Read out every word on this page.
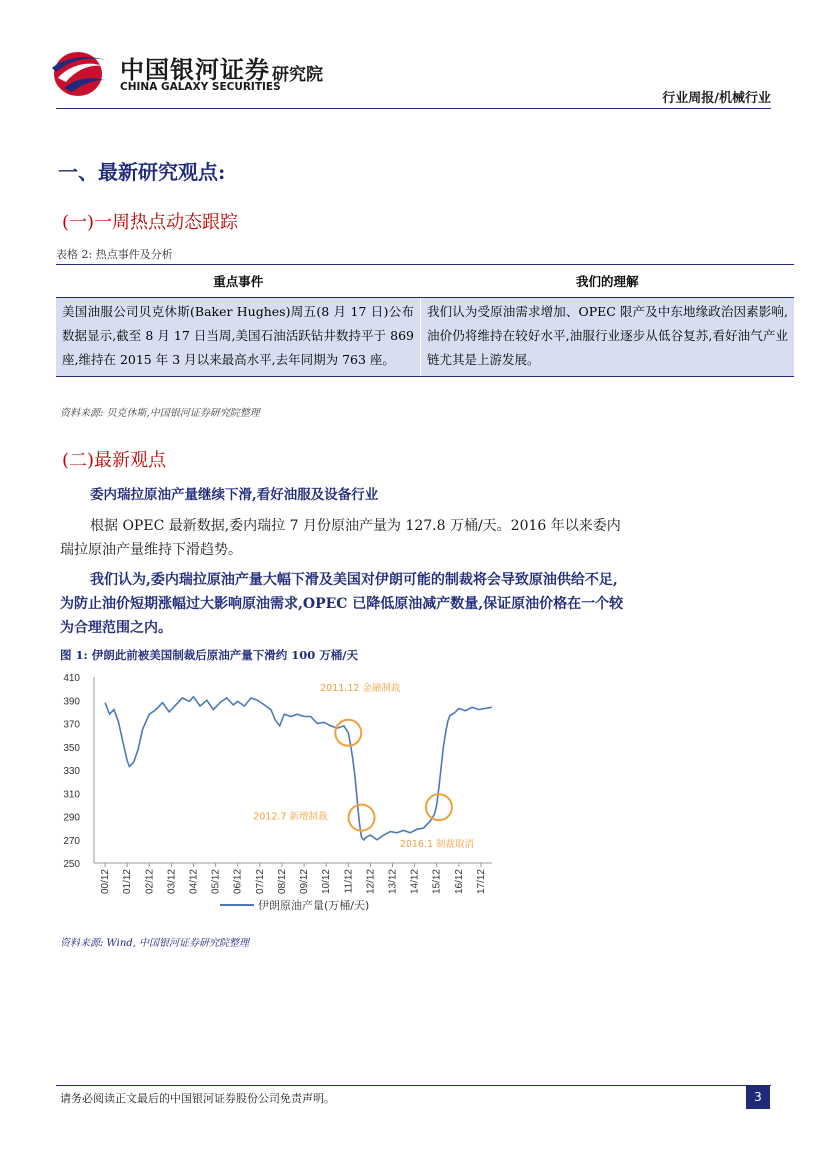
中国银河证券 研究院
CHINA GALAXY SECURITIES
行业周报/机械行业
一、最新研究观点:
(一)一周热点动态跟踪
表格 2: 热点事件及分析
重点事件	我们的理解
美国油服公司贝克休斯(Baker Hughes)周五(8 月 17 日)公布数据显示,截至 8 月 17 日当周,美国石油活跃钻井数持平于 869 座,维持在 2015 年 3 月以来最高水平,去年同期为 763 座。	我们认为受原油需求增加、OPEC 限产及中东地缘政治因素影响,油价仍将维持在较好水平,油服行业逐步从低谷复苏,看好油气产业链尤其是上游发展。
资料来源: 贝克休斯,中国银河证券研究院整理
(二)最新观点
委内瑞拉原油产量继续下滑,看好油服及设备行业
根据 OPEC 最新数据,委内瑞拉 7 月份原油产量为 127.8 万桶/天。2016 年以来委内瑞拉原油产量维持下滑趋势。
我们认为,委内瑞拉原油产量大幅下滑及美国对伊朗可能的制裁将会导致原油供给不足,为防止油价短期涨幅过大影响原油需求,OPEC 已降低原油减产数量,保证原油价格在一个较为合理范围之内。
图 1: 伊朗此前被美国制裁后原油产量下滑约 100 万桶/天
250
270
290
310
330
350
370
390
410
00/12 01/12 02/12 03/12 04/12 05/12 06/12 07/12 08/12 09/12 10/12 11/12 12/12 13/12 14/12 15/12 16/12 17/12
2011.12 金融制裁
2012.7 新增制裁
2016.1 制裁取消
伊朗原油产量(万桶/天)
资料来源: Wind, 中国银河证券研究院整理
请务必阅读正文最后的中国银河证券股份公司免责声明。	3
